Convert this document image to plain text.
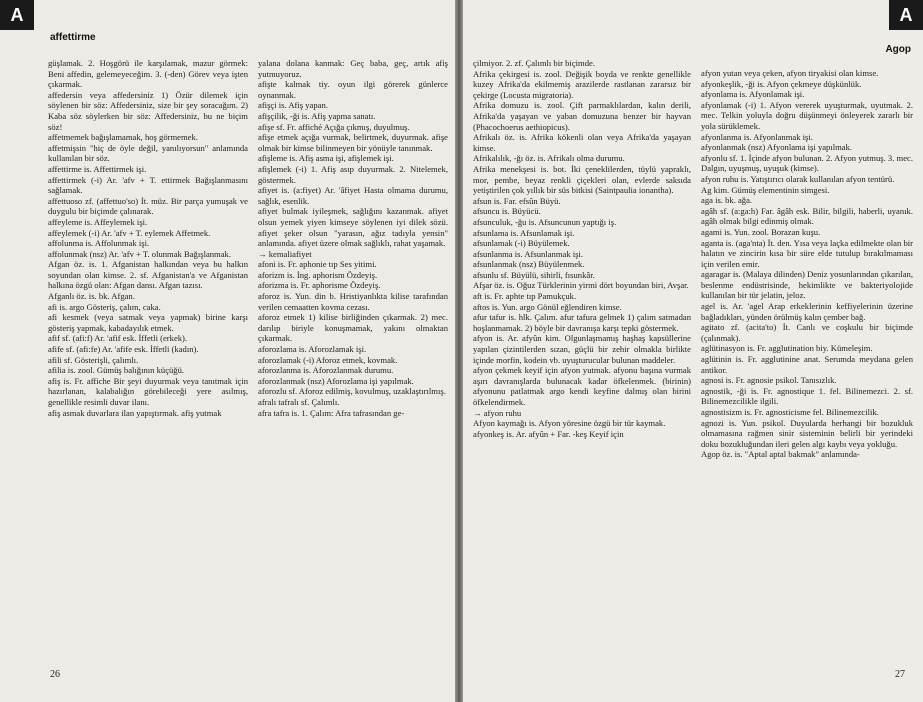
A
affettirme

güşlamak. 2. Hoşgörü ile karşılamak, mazur görmek: Beni affedin, gelemeyeceğim. 3. (-den) Görev veya işten çıkarmak.

affedersin veya affedersiniz 1) Özür dilemek için söylenen bir söz: Affedersiniz, size bir şey soracağım. 2) Kaba söz söylerken bir söz: Affedersiniz, bu ne biçim söz!

affetmemek bağışlamamak, hoş görmemek.

affetmişsin "hiç de öyle değil, yanılıyorsun" anlamında kullanılan bir söz.

affettirme is. Affettirmek işi.

affettirmek (-i) Ar. 'afv + T. ettirmek Bağışlanmasını sağlamak.

affettuoso zf. (affettuo'so) İt. müz. Bir parça yumuşak ve duygulu bir biçimde çalınarak.

affeyleme is. Affeylemek işi.

affeylemek (-i) Ar. 'afv + T. eylemek Affetmek.

affolunma is. Affolunmak işi.

affolunmak (nsz) Ar. 'afv + T. olunmak Bağışlanmak.

Afgan öz. is. 1. Afganistan halkından veya bu halkın soyundan olan kimse. 2. sf. Afganistan'a ve Afganistan halkına özgü olan: Afgan dansı. Afgan tazısı.

Afganlı öz. is. bk. Afgan.

afi is. argo Gösteriş, çalım, caka.

afi kesmek (veya satmak veya yapmak) birine karşı gösteriş yapmak, kabadayılık etmek.

afif sf. (afi:f) Ar. 'afif esk. İffetli (erkek).

afife sf. (afi:fe) Ar. 'afife esk. İffetli (kadın).

afili sf. Gösterişli, çalımlı.

afilia is. zool. Gümüş balığının küçüğü.

afiş is. Fr. affiche Bir şeyi duyurmak veya tanıtmak için hazırlanan, kalabalığın görebileceği yere asılmış, genellikle resimli duvar ilanı.

afiş asmak duvarlara ilan yapıştırmak. afiş yutmak

yalana dolana kanmak: Geç baba, geç, artık afiş yutmuyoruz.

afişte kalmak tiy. oyun ilgi görerek günlerce oynanmak.

afişçi is. Afiş yapan.

afişçilik, -ği is. Afiş yapma sanatı.

afişe sf. Fr. affiché Açığa çıkmış, duyulmuş.

afişe etmek açığa vurmak, belirtmek, duyurmak. afişe olmak bir kimse bilinmeyen bir yönüyle tanınmak.

afişleme is. Afiş asma işi, afişlemek işi.

afişlemek (-i) 1. Afiş asıp duyurmak. 2. Nitelemek, göstermek.

afiyet is. (a:fiyet) Ar. 'âfiyet Hasta olmama durumu, sağlık, esenlik.

afiyet bulmak iyileşmek, sağlığını kazanmak. afiyet olsun yemek yiyen kimseye söylenen iyi dilek sözü. afiyet şeker olsun "yarasın, ağız tadıyla yensin" anlamında. afiyet üzere olmak sağlıklı, rahat yaşamak.

→ kemaliafiyet

afoni is. Fr. aphonie tıp Ses yitimi.

aforizm is. İng. aphorism Özdeyiş.

aforizma is. Fr. aphorisme Özdeyiş.

aforoz is. Yun. din b. Hristiyanlıkta kilise tarafından verilen cemaatten kovma cezası.

aforoz etmek 1) kilise birliğinden çıkarmak. 2) mec. darılıp biriyle konuşmamak, yakını olmaktan çıkarmak.

aforozlama is. Aforozlamak işi.

aforozlamak (-i) Aforoz etmek, kovmak.

aforozlanma is. Aforozlanmak durumu.

aforozlanmak (nsz) Aforozlama işi yapılmak.

aforozlu sf. Aforoz edilmiş, kovulmuş, uzaklaştırılmış.

afralı tafralı sf. Çalımlı.

afra tafra is. 1. Çalım: Afra tafrasından ge-

26
A
Agop

çilmiyor. 2. zf. Çalımlı bir biçimde.

Afrika çekirgesi is. zool. Değişik boyda ve renkte genellikle kuzey Afrika'da ekilmemiş arazilerde rastlanan zararsız bir çekirge (Locusta migratoria).

Afrika domuzu is. zool. Çift parmaklılardan, kalın derili, Afrika'da yaşayan ve yaban domuzuna benzer bir hayvan (Phacochoerus aethiopicus).

Afrikalı öz. is. Afrika kökenli olan veya Afrika'da yaşayan kimse.

Afrikalılık, -ğı öz. is. Afrikalı olma durumu.

Afrika menekşesi is. bot. İki çeneklilerden, tüylü yapraklı, mor, pembe, beyaz renkli çiçekleri olan, evlerde saksıda yetiştirilen çok yıllık bir süs bitkisi (Saintpaulia ionantha).

afsun is. Far. efsûn Büyü.

afsuncu is. Büyücü.

afsunculuk, -ğu is. Afsuncunun yaptığı iş.

afsunlama is. Afsunlamak işi.

afsunlamak (-i) Büyülemek.

afsunlanma is. Afsunlanmak işi.

afsunlanmak (nsz) Büyülenmek.

afsunlu sf. Büyülü, sihirli, fısunkâr.

Afşar öz. is. Oğuz Türklerinin yirmi dört boyundan biri, Avşar.

aft is. Fr. aphte tıp Pamukçuk.

aftos is. Yun. argo Gönül eğlendiren kimse.

afur tafur is. hlk. Çalım. afur tafura gelmek 1) çalım satmadan hoşlanmamak. 2) böyle bir davranışa karşı tepki göstermek.

afyon is. Ar. afyûn kim. Olgunlaşmamış haşhaş kapsüllerine yapılan çizintilerden sızan, güçlü bir zehir olmakla birlikte içinde morfin, kodein vb. uyuşturucular bulunan maddeler.

afyon çekmek keyif için afyon yutmak. afyonu başına vurmak aşırı davranışlarda bulunacak kadar öfkelenmek. (birinin) afyonunu patlatmak argo kendi keyfine dalmış olan birini öfkelendirmek.

→ afyon ruhu

Afyon kaymağı is. Afyon yöresine özgü bir tür kaymak.

afyonkeş is. Ar. afyûn + Far. -keş Keyif için

afyon yutan veya çeken, afyon tiryakisi olan kimse.

afyonkeşlik, -ği is. Afyon çekmeye düşkünlük.

afyonlama is. Afyonlamak işi.

afyonlamak (-i) 1. Afyon vererek uyuşturmak, uyutmak. 2. mec. Telkin yoluyla doğru düşünmeyi önleyerek zararlı bir yola sürüklemek.

afyonlanma is. Afyonlanmak işi.

afyonlanmak (nsz) Afyonlama işi yapılmak.

afyonlu sf. 1. İçinde afyon bulunan. 2. Afyon yutmuş. 3. mec. Dalgın, uyuşmuş, uyuşuk (kimse).

afyon ruhu is. Yatıştırıcı olarak kullanılan afyon tentürü.

Ag kim. Gümüş elementinin simgesi.

aga is. bk. ağa.

agâh sf. (a:ga:h) Far. âgâh esk. Bilir, bilgili, haberli, uyanık. agâh olmak bilgi edinmiş olmak.

agami is. Yun. zool. Borazan kuşu.

aganta is. (aga'nta) İt. den. Yısa veya laçka edilmekte olan bir halatın ve zincirin kısa bir süre elde tutulup bırakılmaması için verilen emir.

agaragar is. (Malaya dilinden) Deniz yosunlarından çıkarılan, beslenme endüstrisinde, hekimlikte ve bakteriyolojide kullanılan bir tür jelatin, jeloz.

agel is. Ar. 'agel Arap erkeklerinin keffiyelerinin üzerine bağladıkları, yünden örülmüş kalın çember bağ.

agitato zf. (acita'to) İt. Canlı ve coşkulu bir biçimde (çalınmak).

aglütinasyon is. Fr. agglutination biy. Kümeleşim.

aglütinin is. Fr. agglutinine anat. Serumda meydana gelen antikor.

agnosi is. Fr. agnosie psikol. Tanısızlık.

agnostik, -ği is. Fr. agnostique 1. fel. Bilinemezci. 2. sf. Bilinemezcilikle ilgili.

agnostisizm is. Fr. agnosticisme fel. Bilinemezcilik.

agnozi is. Yun. psikol. Duyularda herhangi bir bozukluk olmamasına rağmen sinir sisteminin belirli bir yerindeki doku bozukluğundan ileri gelen algı kaybı veya yokluğu.

Agop öz. is. "Aptal aptal bakmak" anlamında-

27
